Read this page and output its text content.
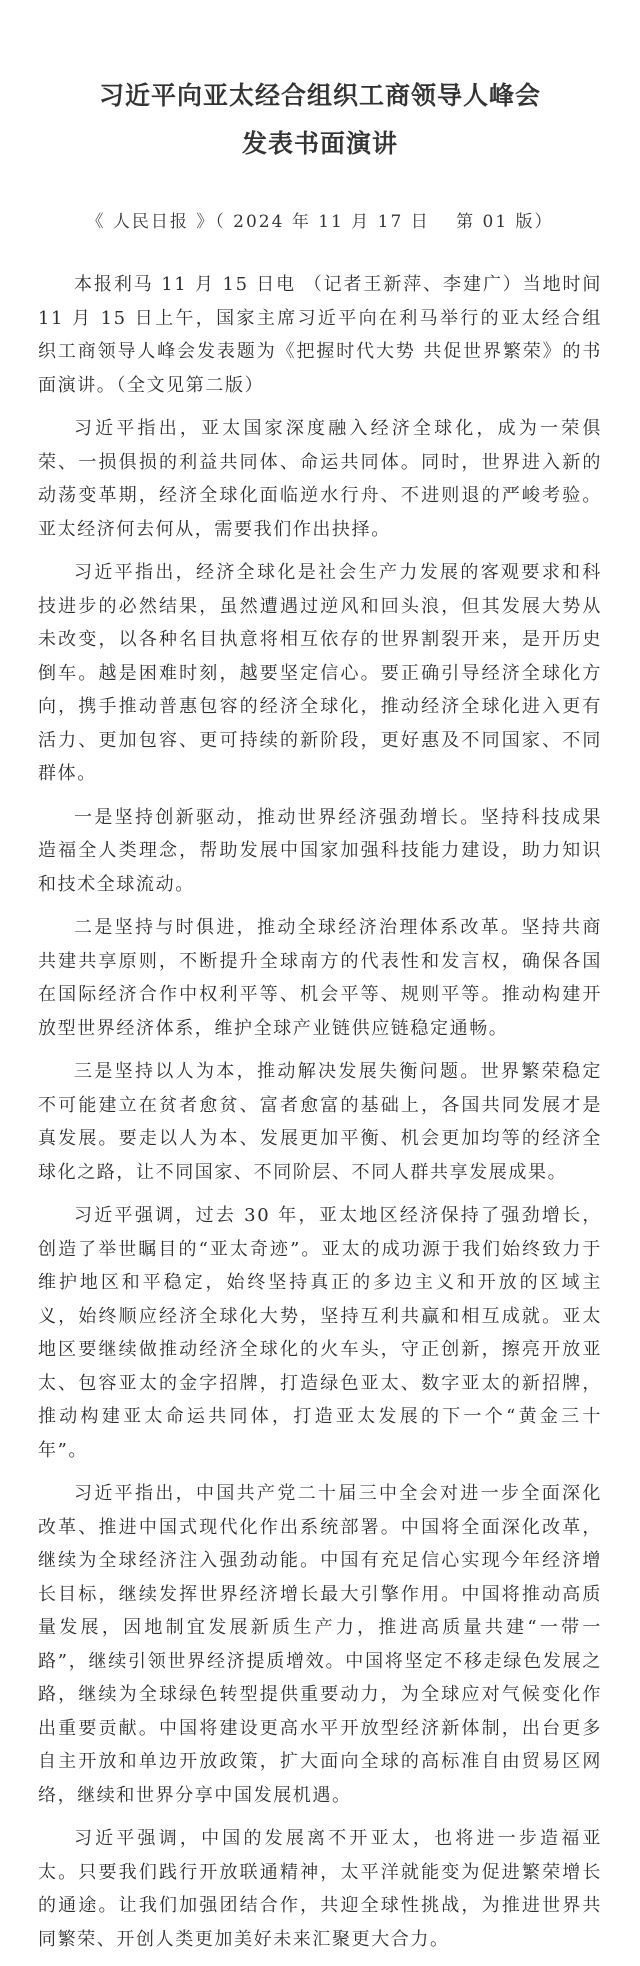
习近平向亚太经合组织工商领导人峰会
发表书面演讲
《 人民日报 》（ 2024 年 11 月 17 日 　第 01 版）

本报利马 11 月 15 日电 （记者王新萍、李建广）当地时间 11 月 15 日上午，国家主席习近平向在利马举行的亚太经合组织工商领导人峰会发表题为《把握时代大势 共促世界繁荣》的书面演讲。（全文见第二版）

习近平指出，亚太国家深度融入经济全球化，成为一荣俱荣、一损俱损的利益共同体、命运共同体。同时，世界进入新的动荡变革期，经济全球化面临逆水行舟、不进则退的严峻考验。亚太经济何去何从，需要我们作出抉择。

习近平指出，经济全球化是社会生产力发展的客观要求和科技进步的必然结果，虽然遭遇过逆风和回头浪，但其发展大势从未改变，以各种名目执意将相互依存的世界割裂开来，是开历史倒车。越是困难时刻，越要坚定信心。要正确引导经济全球化方向，携手推动普惠包容的经济全球化，推动经济全球化进入更有活力、更加包容、更可持续的新阶段，更好惠及不同国家、不同群体。

一是坚持创新驱动，推动世界经济强劲增长。坚持科技成果造福全人类理念，帮助发展中国家加强科技能力建设，助力知识和技术全球流动。

二是坚持与时俱进，推动全球经济治理体系改革。坚持共商共建共享原则，不断提升全球南方的代表性和发言权，确保各国在国际经济合作中权利平等、机会平等、规则平等。推动构建开放型世界经济体系，维护全球产业链供应链稳定通畅。

三是坚持以人为本，推动解决发展失衡问题。世界繁荣稳定不可能建立在贫者愈贫、富者愈富的基础上，各国共同发展才是真发展。要走以人为本、发展更加平衡、机会更加均等的经济全球化之路，让不同国家、不同阶层、不同人群共享发展成果。

习近平强调，过去 30 年，亚太地区经济保持了强劲增长，创造了举世瞩目的“亚太奇迹”。亚太的成功源于我们始终致力于维护地区和平稳定，始终坚持真正的多边主义和开放的区域主义，始终顺应经济全球化大势，坚持互利共赢和相互成就。亚太地区要继续做推动经济全球化的火车头，守正创新，擦亮开放亚太、包容亚太的金字招牌，打造绿色亚太、数字亚太的新招牌，推动构建亚太命运共同体，打造亚太发展的下一个“黄金三十年”。

习近平指出，中国共产党二十届三中全会对进一步全面深化改革、推进中国式现代化作出系统部署。中国将全面深化改革，继续为全球经济注入强劲动能。中国有充足信心实现今年经济增长目标，继续发挥世界经济增长最大引擎作用。中国将推动高质量发展，因地制宜发展新质生产力，推进高质量共建“一带一路”，继续引领世界经济提质增效。中国将坚定不移走绿色发展之路，继续为全球绿色转型提供重要动力，为全球应对气候变化作出重要贡献。中国将建设更高水平开放型经济新体制，出台更多自主开放和单边开放政策，扩大面向全球的高标准自由贸易区网络，继续和世界分享中国发展机遇。

习近平强调，中国的发展离不开亚太，也将进一步造福亚太。只要我们践行开放联通精神，太平洋就能变为促进繁荣增长的通途。让我们加强团结合作，共迎全球性挑战，为推进世界共同繁荣、开创人类更加美好未来汇聚更大合力。
